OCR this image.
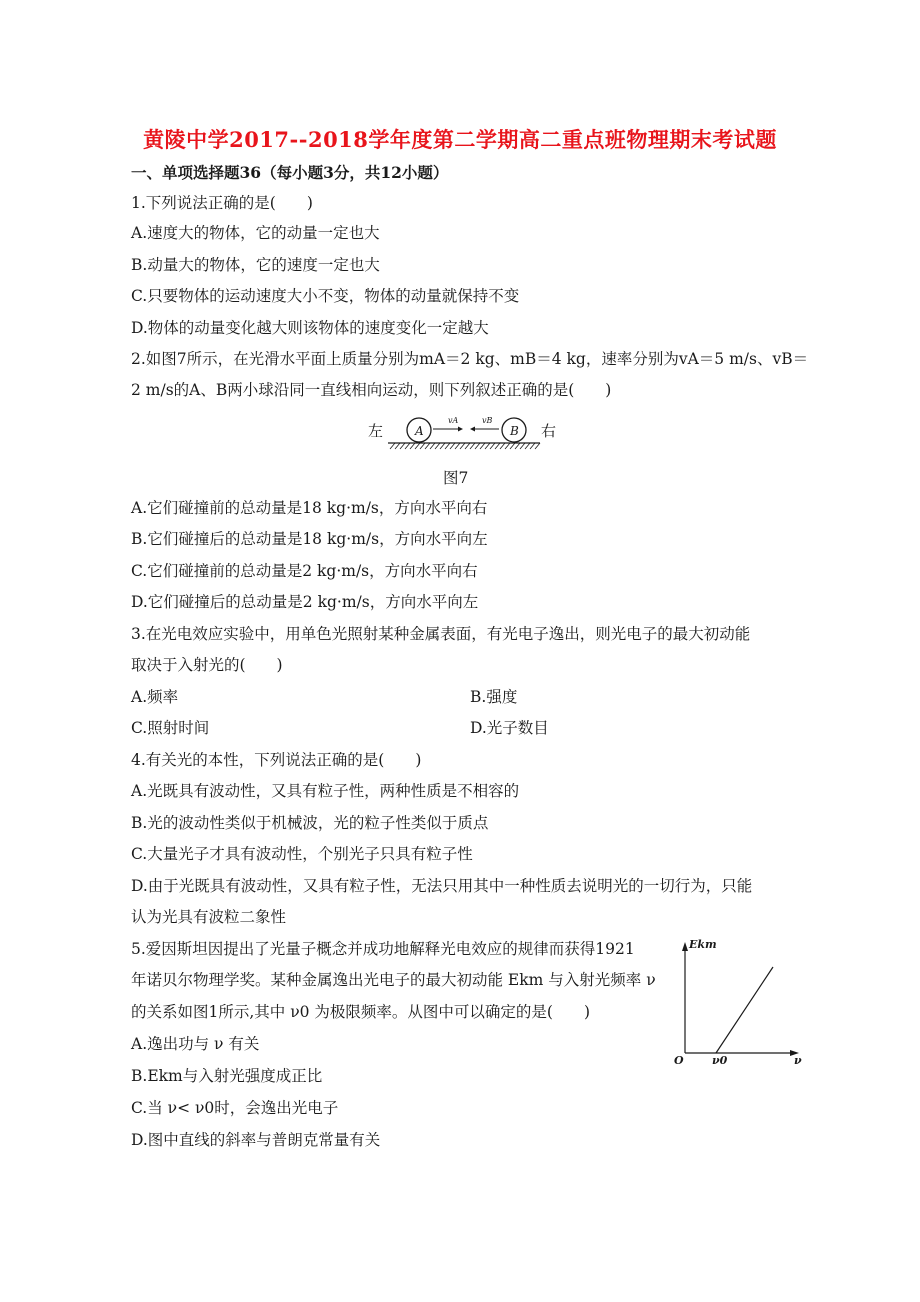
黄陵中学2017--2018学年度第二学期高二重点班物理期末考试题
一、单项选择题36（每小题3分，共12小题）
1.下列说法正确的是(　　)
A.速度大的物体，它的动量一定也大
B.动量大的物体，它的速度一定也大
C.只要物体的运动速度大小不变，物体的动量就保持不变
D.物体的动量变化越大则该物体的速度变化一定越大
2.如图7所示，在光滑水平面上质量分别为mA＝2 kg、mB＝4 kg，速率分别为vA＝5 m/s、vB＝
2 m/s的A、B两小球沿同一直线相向运动，则下列叙述正确的是(　　)
左	右
A	B
vA	vB
图7
A.它们碰撞前的总动量是18 kg·m/s，方向水平向右
B.它们碰撞后的总动量是18 kg·m/s，方向水平向左
C.它们碰撞前的总动量是2 kg·m/s，方向水平向右
D.它们碰撞后的总动量是2 kg·m/s，方向水平向左
3.在光电效应实验中，用单色光照射某种金属表面，有光电子逸出，则光电子的最大初动能
取决于入射光的(　　)
A.频率	B.强度
C.照射时间	D.光子数目
4.有关光的本性，下列说法正确的是(　　)
A.光既具有波动性，又具有粒子性，两种性质是不相容的
B.光的波动性类似于机械波，光的粒子性类似于质点
C.大量光子才具有波动性，个别光子只具有粒子性
D.由于光既具有波动性，又具有粒子性，无法只用其中一种性质去说明光的一切行为，只能
认为光具有波粒二象性
5.爱因斯坦因提出了光量子概念并成功地解释光电效应的规律而获得1921
年诺贝尔物理学奖。某种金属逸出光电子的最大初动能 Ekm 与入射光频率 ν
的关系如图1所示,其中 ν0 为极限频率。从图中可以确定的是(　　)
A.逸出功与 ν 有关
B.Ekm与入射光强度成正比
C.当 ν< ν0时，会逸出光电子
D.图中直线的斜率与普朗克常量有关
Ekm
O	ν0	ν
